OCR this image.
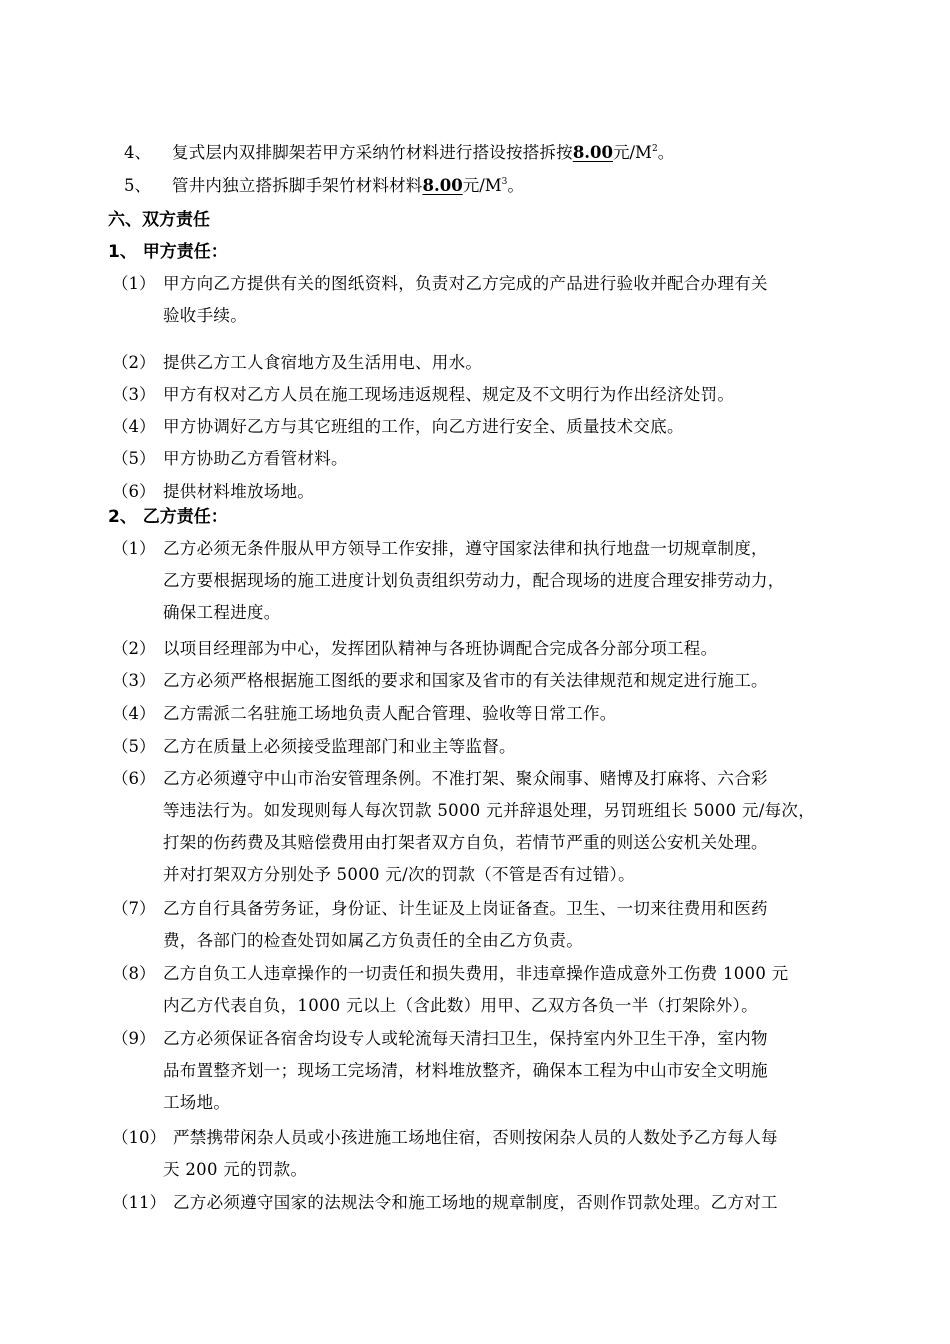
4、 复式层内双排脚架若甲方采纳竹材料进行搭设按搭拆按8.00元$/M^2$。
5、 管井内独立搭拆脚手架竹材料材料8.00元$/M^3$。
六、双方责任
1、 甲方责任：
（1） 甲方向乙方提供有关的图纸资料，负责对乙方完成的产品进行验收并配合办理有关
验收手续。
（2） 提供乙方工人食宿地方及生活用电、用水。
（3） 甲方有权对乙方人员在施工现场违返规程、规定及不文明行为作出经济处罚。
（4） 甲方协调好乙方与其它班组的工作，向乙方进行安全、质量技术交底。
（5） 甲方协助乙方看管材料。
（6） 提供材料堆放场地。
2、 乙方责任：
（1） 乙方必须无条件服从甲方领导工作安排，遵守国家法律和执行地盘一切规章制度，
乙方要根据现场的施工进度计划负责组织劳动力，配合现场的进度合理安排劳动力，
确保工程进度。
（2） 以项目经理部为中心，发挥团队精神与各班协调配合完成各分部分项工程。
（3） 乙方必须严格根据施工图纸的要求和国家及省市的有关法律规范和规定进行施工。
（4） 乙方需派二名驻施工场地负责人配合管理、验收等日常工作。
（5） 乙方在质量上必须接受监理部门和业主等监督。
（6） 乙方必须遵守中山市治安管理条例。不准打架、聚众闹事、赌博及打麻将、六合彩
等违法行为。如发现则每人每次罚款 5000 元并辞退处理，另罚班组长 5000 元/每次，
打架的伤药费及其赔偿费用由打架者双方自负，若情节严重的则送公安机关处理。
并对打架双方分别处予 5000 元/次的罚款（不管是否有过错）。
（7） 乙方自行具备劳务证，身份证、计生证及上岗证备查。卫生、一切来往费用和医药
费，各部门的检查处罚如属乙方负责任的全由乙方负责。
（8） 乙方自负工人违章操作的一切责任和损失费用，非违章操作造成意外工伤费 1000 元
内乙方代表自负，1000 元以上（含此数）用甲、乙双方各负一半（打架除外）。
（9） 乙方必须保证各宿舍均设专人或轮流每天清扫卫生，保持室内外卫生干净，室内物
品布置整齐划一；现场工完场清，材料堆放整齐，确保本工程为中山市安全文明施
工场地。
（10） 严禁携带闲杂人员或小孩进施工场地住宿，否则按闲杂人员的人数处予乙方每人每
天 200 元的罚款。
（11） 乙方必须遵守国家的法规法令和施工场地的规章制度，否则作罚款处理。乙方对工
